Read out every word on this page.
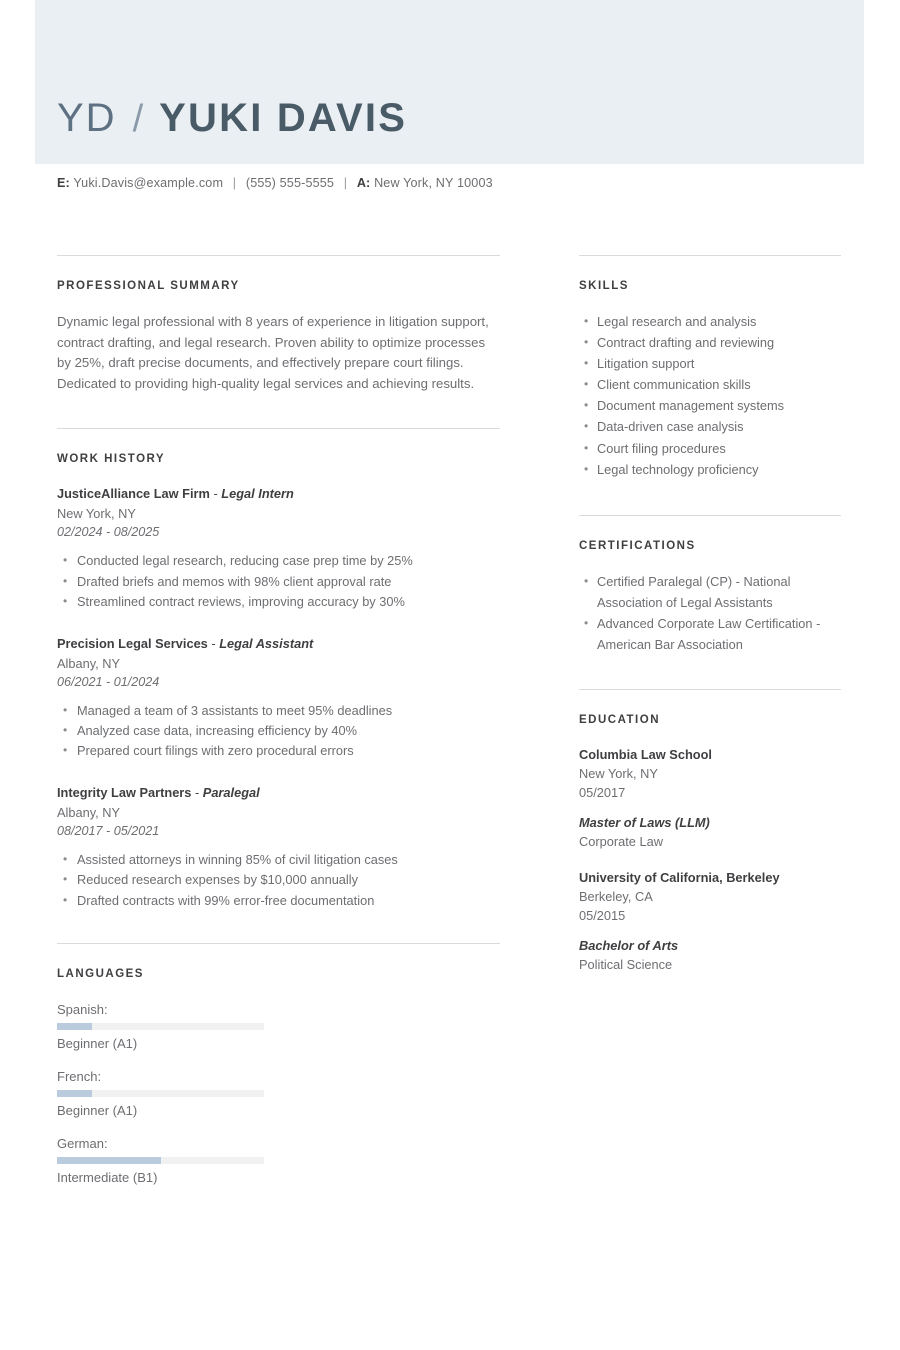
YD / YUKI DAVIS
E: Yuki.Davis@example.com | (555) 555-5555 | A: New York, NY 10003
PROFESSIONAL SUMMARY

Dynamic legal professional with 8 years of experience in litigation support, contract drafting, and legal research. Proven ability to optimize processes by 25%, draft precise documents, and effectively prepare court filings. Dedicated to providing high-quality legal services and achieving results.

WORK HISTORY
JusticeAlliance Law Firm - Legal Intern
New York, NY
02/2024 - 08/2025
• Conducted legal research, reducing case prep time by 25%
• Drafted briefs and memos with 98% client approval rate
• Streamlined contract reviews, improving accuracy by 30%
Precision Legal Services - Legal Assistant
Albany, NY
06/2021 - 01/2024
• Managed a team of 3 assistants to meet 95% deadlines
• Analyzed case data, increasing efficiency by 40%
• Prepared court filings with zero procedural errors
Integrity Law Partners - Paralegal
Albany, NY
08/2017 - 05/2021
• Assisted attorneys in winning 85% of civil litigation cases
• Reduced research expenses by $10,000 annually
• Drafted contracts with 99% error-free documentation
LANGUAGES
Spanish:
Beginner (A1)
French:
Beginner (A1)
German:
Intermediate (B1)
SKILLS
• Legal research and analysis
• Contract drafting and reviewing
• Litigation support
• Client communication skills
• Document management systems
• Data-driven case analysis
• Court filing procedures
• Legal technology proficiency
CERTIFICATIONS
• Certified Paralegal (CP) - National Association of Legal Assistants
• Advanced Corporate Law Certification - American Bar Association
EDUCATION
Columbia Law School
New York, NY
05/2017
Master of Laws (LLM)
Corporate Law
University of California, Berkeley
Berkeley, CA
05/2015
Bachelor of Arts
Political Science
